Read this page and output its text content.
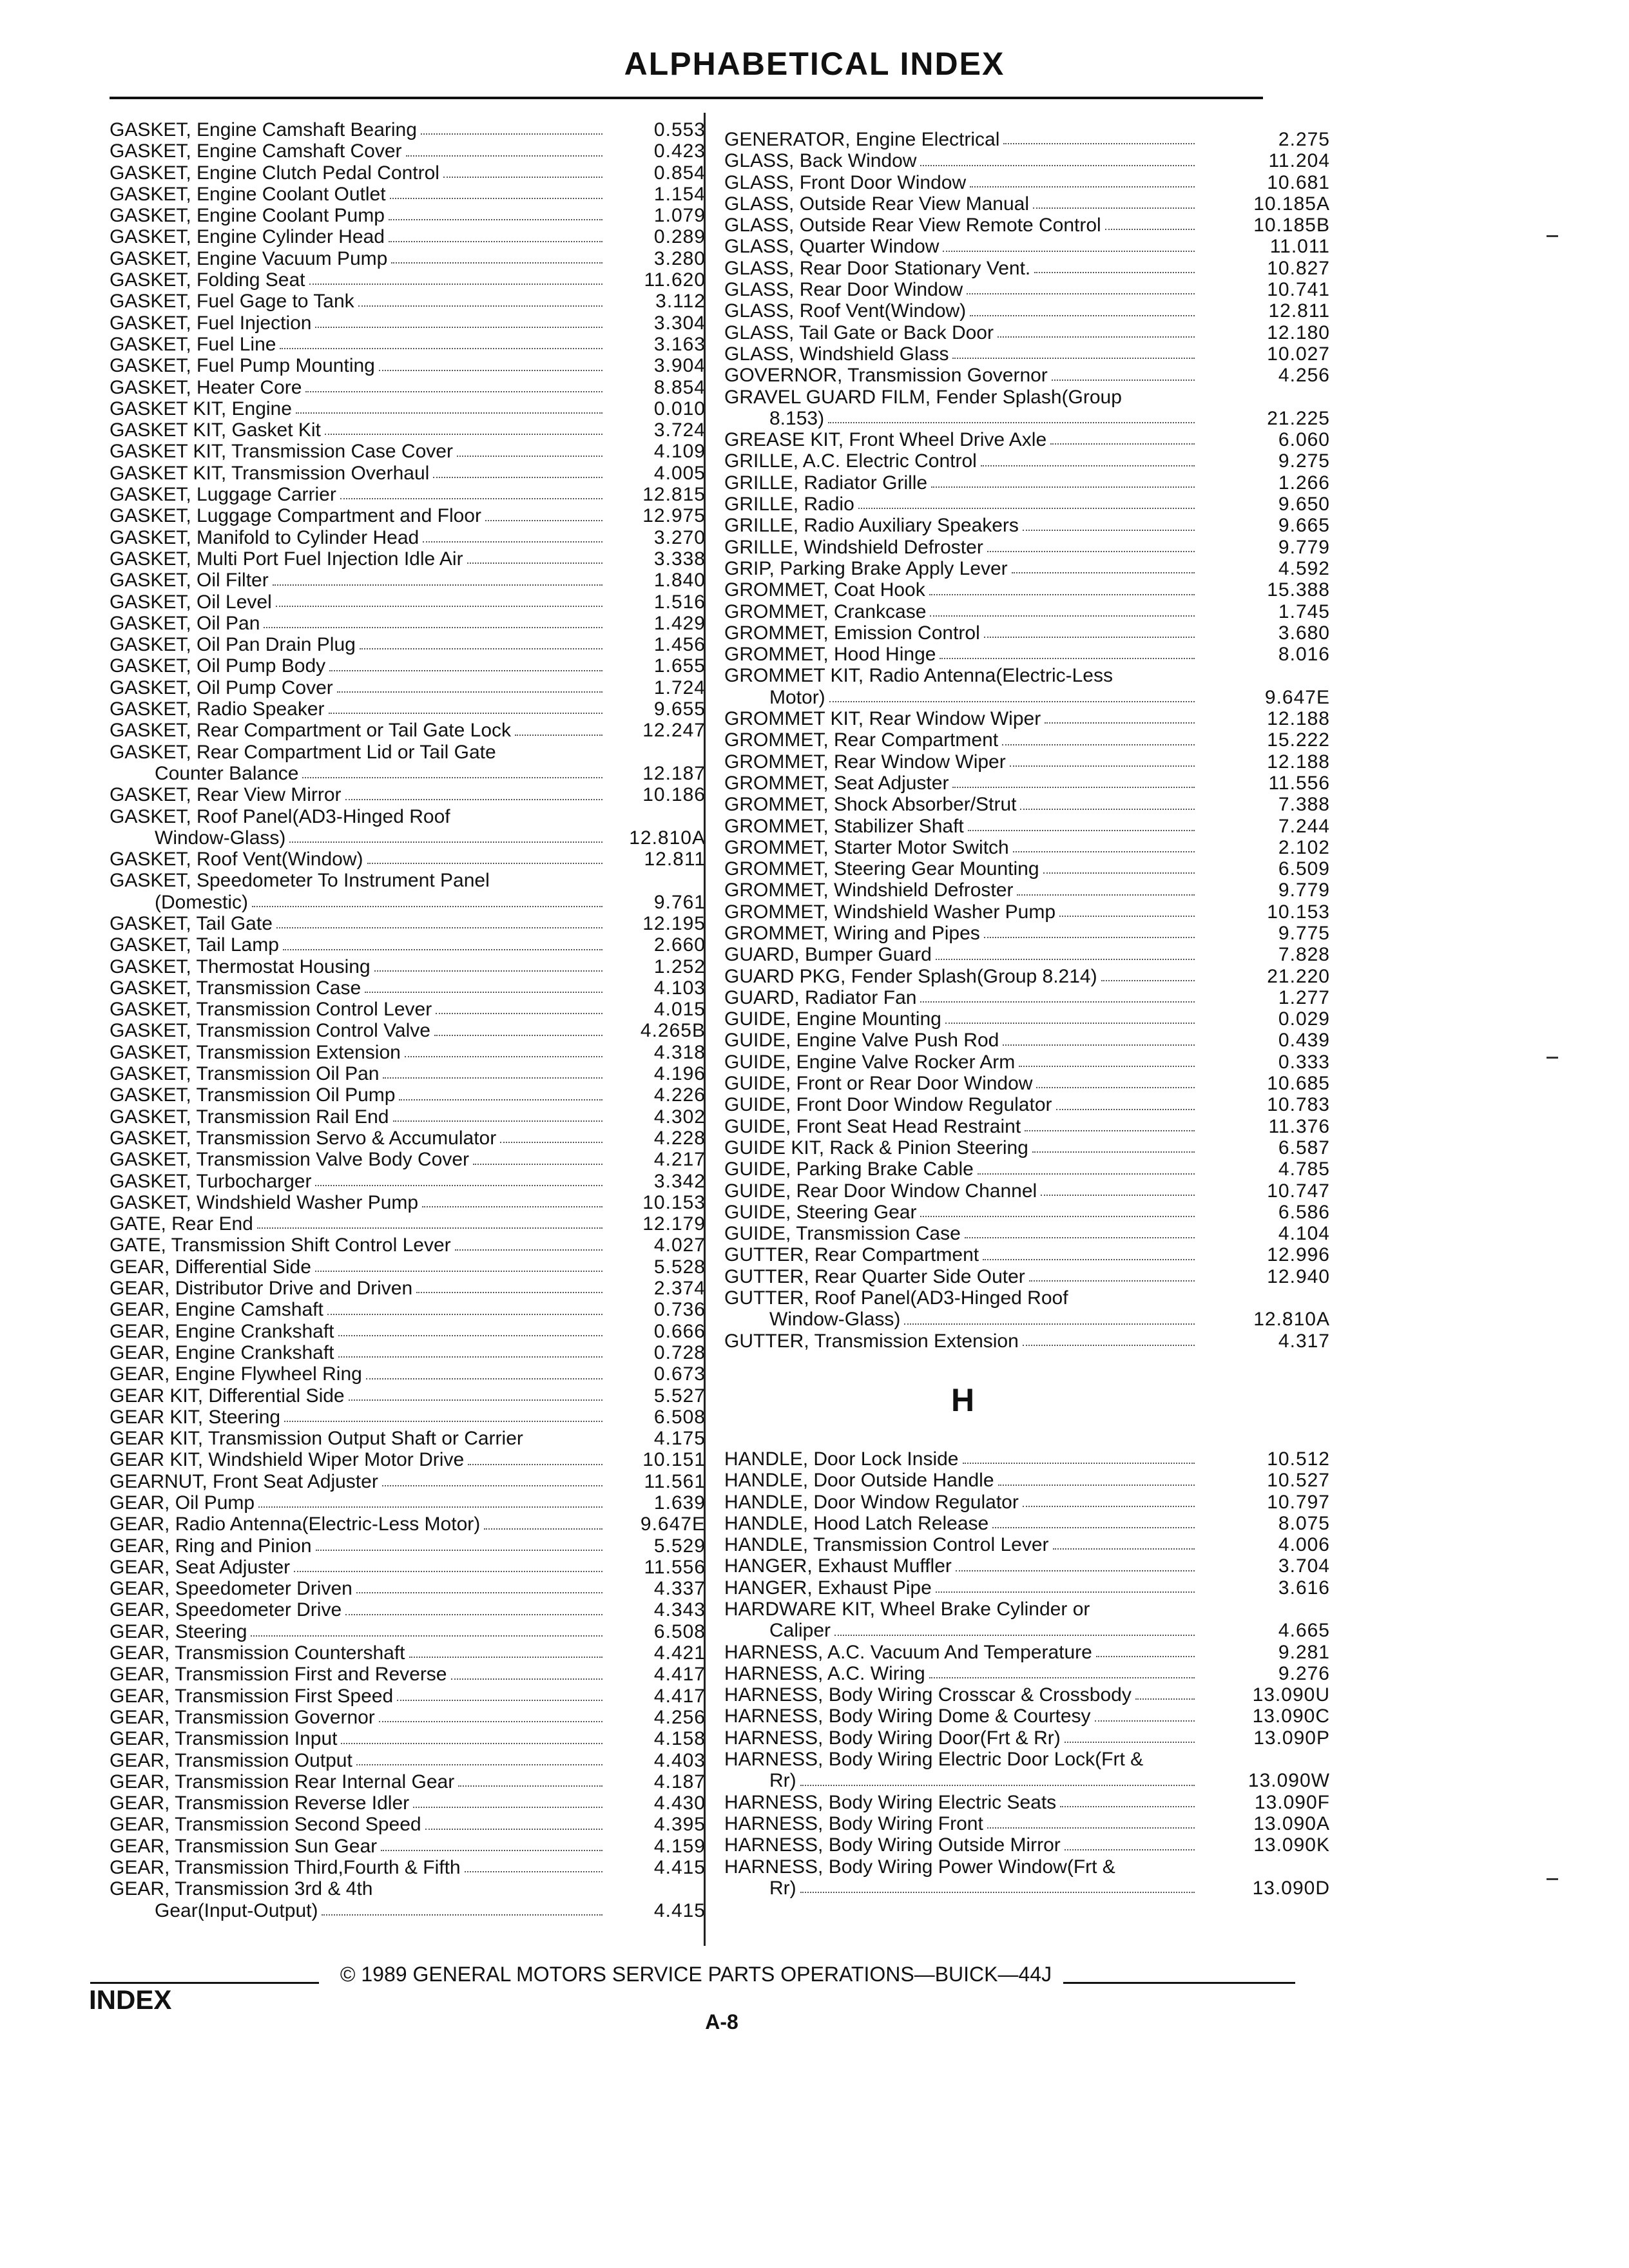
ALPHABETICAL INDEX
GASKET, Engine Camshaft Bearing	0.553
GASKET, Engine Camshaft Cover	0.423
GASKET, Engine Clutch Pedal Control	0.854
GASKET, Engine Coolant Outlet	1.154
GASKET, Engine Coolant Pump	1.079
GASKET, Engine Cylinder Head	0.289
GASKET, Engine Vacuum Pump	3.280
GASKET, Folding Seat	11.620
GASKET, Fuel Gage to Tank	3.112
GASKET, Fuel Injection	3.304
GASKET, Fuel Line	3.163
GASKET, Fuel Pump Mounting	3.904
GASKET, Heater Core	8.854
GASKET KIT, Engine	0.010
GASKET KIT, Gasket Kit	3.724
GASKET KIT, Transmission Case Cover	4.109
GASKET KIT, Transmission Overhaul	4.005
GASKET, Luggage Carrier	12.815
GASKET, Luggage Compartment and Floor	12.975
GASKET, Manifold to Cylinder Head	3.270
GASKET, Multi Port Fuel Injection Idle Air	3.338
GASKET, Oil Filter	1.840
GASKET, Oil Level	1.516
GASKET, Oil Pan	1.429
GASKET, Oil Pan Drain Plug	1.456
GASKET, Oil Pump Body	1.655
GASKET, Oil Pump Cover	1.724
GASKET, Radio Speaker	9.655
GASKET, Rear Compartment or Tail Gate Lock	12.247
GASKET, Rear Compartment Lid or Tail Gate
Counter Balance	12.187
GASKET, Rear View Mirror	10.186
GASKET, Roof Panel(AD3-Hinged Roof
Window-Glass)	12.810A
GASKET, Roof Vent(Window)	12.811
GASKET, Speedometer To Instrument Panel
(Domestic)	9.761
GASKET, Tail Gate	12.195
GASKET, Tail Lamp	2.660
GASKET, Thermostat Housing	1.252
GASKET, Transmission Case	4.103
GASKET, Transmission Control Lever	4.015
GASKET, Transmission Control Valve	4.265B
GASKET, Transmission Extension	4.318
GASKET, Transmission Oil Pan	4.196
GASKET, Transmission Oil Pump	4.226
GASKET, Transmission Rail End	4.302
GASKET, Transmission Servo & Accumulator	4.228
GASKET, Transmission Valve Body Cover	4.217
GASKET, Turbocharger	3.342
GASKET, Windshield Washer Pump	10.153
GATE, Rear End	12.179
GATE, Transmission Shift Control Lever	4.027
GEAR, Differential Side	5.528
GEAR, Distributor Drive and Driven	2.374
GEAR, Engine Camshaft	0.736
GEAR, Engine Crankshaft	0.666
GEAR, Engine Crankshaft	0.728
GEAR, Engine Flywheel Ring	0.673
GEAR KIT, Differential Side	5.527
GEAR KIT, Steering	6.508
GEAR KIT, Transmission Output Shaft or Carrier	4.175
GEAR KIT, Windshield Wiper Motor Drive	10.151
GEARNUT, Front Seat Adjuster	11.561
GEAR, Oil Pump	1.639
GEAR, Radio Antenna(Electric-Less Motor)	9.647E
GEAR, Ring and Pinion	5.529
GEAR, Seat Adjuster	11.556
GEAR, Speedometer Driven	4.337
GEAR, Speedometer Drive	4.343
GEAR, Steering	6.508
GEAR, Transmission Countershaft	4.421
GEAR, Transmission First and Reverse	4.417
GEAR, Transmission First Speed	4.417
GEAR, Transmission Governor	4.256
GEAR, Transmission Input	4.158
GEAR, Transmission Output	4.403
GEAR, Transmission Rear Internal Gear	4.187
GEAR, Transmission Reverse Idler	4.430
GEAR, Transmission Second Speed	4.395
GEAR, Transmission Sun Gear	4.159
GEAR, Transmission Third,Fourth & Fifth	4.415
GEAR, Transmission 3rd & 4th
Gear(Input-Output)	4.415
GENERATOR, Engine Electrical	2.275
GLASS, Back Window	11.204
GLASS, Front Door Window	10.681
GLASS, Outside Rear View Manual	10.185A
GLASS, Outside Rear View Remote Control	10.185B
GLASS, Quarter Window	11.011
GLASS, Rear Door Stationary Vent.	10.827
GLASS, Rear Door Window	10.741
GLASS, Roof Vent(Window)	12.811
GLASS, Tail Gate or Back Door	12.180
GLASS, Windshield Glass	10.027
GOVERNOR, Transmission Governor	4.256
GRAVEL GUARD FILM, Fender Splash(Group
8.153)	21.225
GREASE KIT, Front Wheel Drive Axle	6.060
GRILLE, A.C. Electric Control	9.275
GRILLE, Radiator Grille	1.266
GRILLE, Radio	9.650
GRILLE, Radio Auxiliary Speakers	9.665
GRILLE, Windshield Defroster	9.779
GRIP, Parking Brake Apply Lever	4.592
GROMMET, Coat Hook	15.388
GROMMET, Crankcase	1.745
GROMMET, Emission Control	3.680
GROMMET, Hood Hinge	8.016
GROMMET KIT, Radio Antenna(Electric-Less
Motor)	9.647E
GROMMET KIT, Rear Window Wiper	12.188
GROMMET, Rear Compartment	15.222
GROMMET, Rear Window Wiper	12.188
GROMMET, Seat Adjuster	11.556
GROMMET, Shock Absorber/Strut	7.388
GROMMET, Stabilizer Shaft	7.244
GROMMET, Starter Motor Switch	2.102
GROMMET, Steering Gear Mounting	6.509
GROMMET, Windshield Defroster	9.779
GROMMET, Windshield Washer Pump	10.153
GROMMET, Wiring and Pipes	9.775
GUARD, Bumper Guard	7.828
GUARD PKG, Fender Splash(Group 8.214)	21.220
GUARD, Radiator Fan	1.277
GUIDE, Engine Mounting	0.029
GUIDE, Engine Valve Push Rod	0.439
GUIDE, Engine Valve Rocker Arm	0.333
GUIDE, Front or Rear Door Window	10.685
GUIDE, Front Door Window Regulator	10.783
GUIDE, Front Seat Head Restraint	11.376
GUIDE KIT, Rack & Pinion Steering	6.587
GUIDE, Parking Brake Cable	4.785
GUIDE, Rear Door Window Channel	10.747
GUIDE, Steering Gear	6.586
GUIDE, Transmission Case	4.104
GUTTER, Rear Compartment	12.996
GUTTER, Rear Quarter Side Outer	12.940
GUTTER, Roof Panel(AD3-Hinged Roof
Window-Glass)	12.810A
GUTTER, Transmission Extension	4.317
H
HANDLE, Door Lock Inside	10.512
HANDLE, Door Outside Handle	10.527
HANDLE, Door Window Regulator	10.797
HANDLE, Hood Latch Release	8.075
HANDLE, Transmission Control Lever	4.006
HANGER, Exhaust Muffler	3.704
HANGER, Exhaust Pipe	3.616
HARDWARE KIT, Wheel Brake Cylinder or
Caliper	4.665
HARNESS, A.C. Vacuum And Temperature	9.281
HARNESS, A.C. Wiring	9.276
HARNESS, Body Wiring Crosscar & Crossbody	13.090U
HARNESS, Body Wiring Dome & Courtesy	13.090C
HARNESS, Body Wiring Door(Frt & Rr)	13.090P
HARNESS, Body Wiring Electric Door Lock(Frt &
Rr)	13.090W
HARNESS, Body Wiring Electric Seats	13.090F
HARNESS, Body Wiring Front	13.090A
HARNESS, Body Wiring Outside Mirror	13.090K
HARNESS, Body Wiring Power Window(Frt &
Rr)	13.090D
© 1989 GENERAL MOTORS SERVICE PARTS OPERATIONS—BUICK—44J
INDEX
A-8
